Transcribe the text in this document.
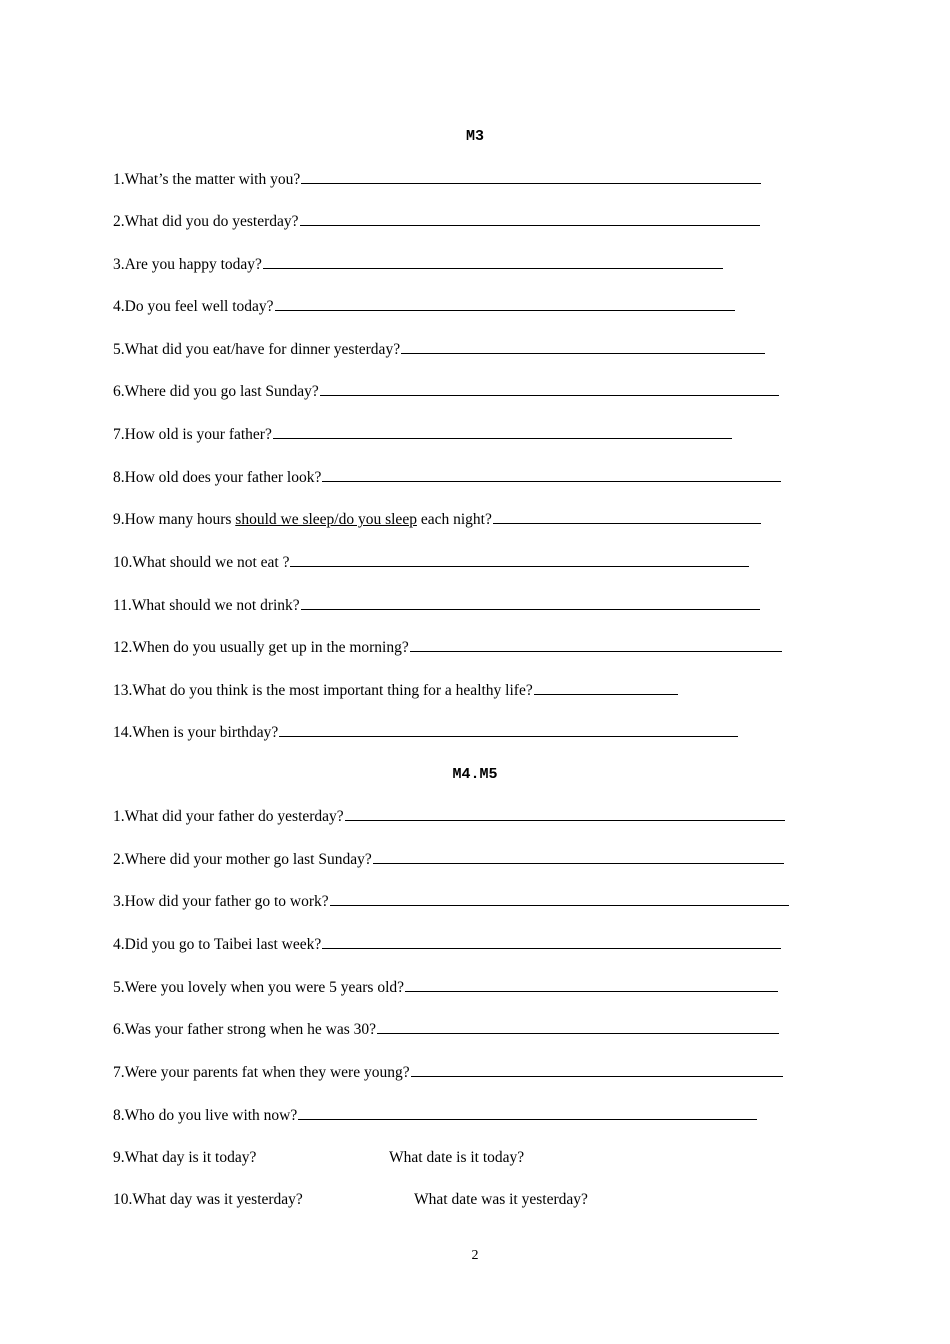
M3
1.What’s the matter with you?
2.What did you do yesterday?
3.Are you happy today?
4.Do you feel well today?
5.What did you eat/have for dinner yesterday?
6.Where did you go last Sunday?
7.How old is your father?
8.How old does your father look?
9.How many hours should we sleep/do you sleep each night?
10.What should we not eat ?
11.What should we not drink?
12.When do you usually get up in the morning?
13.What do you think is the most important thing for a healthy life?
14.When is your birthday?
M4.M5
1.What did your father do yesterday?
2.Where did your mother go last Sunday?
3.How did your father go to work?
4.Did you go to Taibei last week?
5.Were you lovely when you were 5 years old?
6.Was your father strong when he was 30?
7.Were your parents fat when they were young?
8.Who do you live with now?
9.What day is it today?	What date is it today?
10.What day was it yesterday?	What date was it yesterday?
2
